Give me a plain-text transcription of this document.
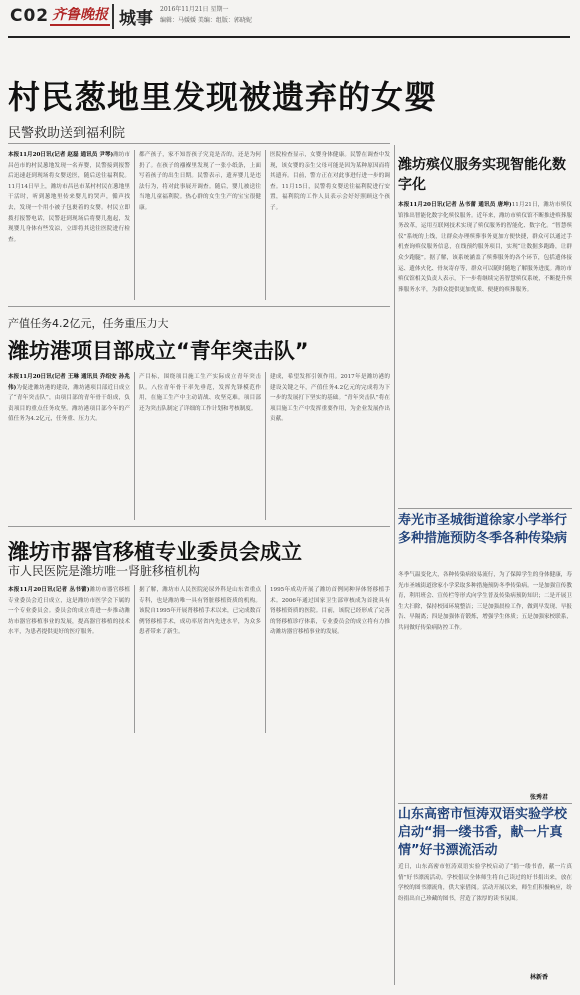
C02 齐鲁晚报 城事 2016年11月21日 星期一
编辑：马媛媛 美编：组版：郭晓妮
村民葱地里发现被遗弃的女婴
民警救助送到福利院
本报11月20日讯(记者 赵磊 通讯员 尹琴)潍坊市昌邑市的村民葱地发现一名弃婴，民警接到报警后迅速赶到现场将女婴送医，随后送往福利院。11月14日早上，潍坊市昌邑市某村村民在葱地里干活时，听到葱地里传来婴儿的哭声，循声找去，发现一个用小被子包裹着的女婴。村民立即拨打报警电话，民警赶到现场后将婴儿抱起，发现婴儿身体有些发凉，立即将其送往医院进行检查。
都产孩子，家不知晋孩子究竟是否的，还是为何扔了。在孩子的襁褓里发现了一张小纸条，上面写着孩子的出生日期。民警表示，遗弃婴儿是违法行为，将对此事展开调查。随后，婴儿被送往当地儿童福利院。热心群的女生生产的宝宝很健康。
医院检查显示，女婴身体健康。民警在调查中发现，该女婴的亲生父母可能是因为某种原因而将其遗弃。目前，警方正在对此事进行进一步的调查。11月15日，民警将女婴送往福利院进行安置，福利院的工作人员表示会好好照顾这个孩子。
产值任务4.2亿元，任务重压力大
潍坊港项目部成立“青年突击队”
本报11月20日讯(记者 王琳 通讯员 乔绍安 孙兆伟)为促进潍坊港的建设，潍坊港项目部近日成立了“青年突击队”，由项目部的青年骨干组成，负责项目的重点任务攻坚。潍坊港项目部今年的产值任务为4.2亿元，任务重、压力大。
产目标，围绕项目施工生产实际成立青年突击队。八位青年骨干率先垂范，发挥先锋模范作用，在施工生产中主动请战、攻坚克难。项目部还为突击队制定了详细的工作计划和考核制度。
建成，希望发挥引领作用。2017年是潍坊港的建设关键之年，产值任务4.2亿元的完成将为下一步的发展打下坚实的基础。“青年突击队”将在项目施工生产中发挥重要作用，为企业发展作出贡献。
潍坊市器官移植专业委员会成立
市人民医院是潍坊唯一肾脏移植机构
本报11月20日讯(记者 丛书蕾)潍坊市器官移植专业委员会近日成立，这是潍坊市医学会下属的一个专业委员会。委员会的成立将进一步推动潍坊市器官移植事业的发展，提高器官移植的技术水平，为患者提供更好的医疗服务。
据了解，潍坊市人民医院泌尿外科是山东省重点专科，也是潍坊唯一具有肾脏移植资质的机构。该院自1995年开展肾移植手术以来，已完成数百例肾移植手术，成功率居省内先进水平，为众多患者带来了新生。
1995年成功开展了潍坊首例同种异体肾移植手术。2006年通过国家卫生部审核成为首批具有肾移植资质的医院。目前，该院已经形成了完善的肾移植诊疗体系，专业委员会的成立将有力推动潍坊器官移植事业的发展。
潍坊殡仪服务实现智能化数字化
本报11月20日讯(记者 丛书蕾 通讯员 唐坤)11月21日，潍坊市殡仪馆推出智能化数字化殡仪服务。近年来，潍坊市殡仪馆不断推进殡葬服务改革，运用互联网技术实现了殡仪服务的智能化、数字化。“智慧殡仪”系统的上线，让群众办理殡葬事务更加方便快捷，群众可以通过手机查询殡仪服务信息，在线预约服务项目，实现“让数据多跑路，让群众少跑腿”。据了解，该系统涵盖了殡葬服务的各个环节，包括遗体接运、遗体火化、骨灰寄存等，群众可以随时随地了解服务进度。潍坊市殡仪馆相关负责人表示，下一步将继续完善智慧殡仪系统，不断提升殡葬服务水平，为群众提供更加优质、便捷的殡葬服务。
寿光市圣城街道徐家小学举行多种措施预防冬季各种传染病
冬季气温变化大，各种传染病较易流行，为了保障学生的身体健康，寿光市圣城街道徐家小学采取多种措施预防冬季传染病。一是加强宣传教育，利用班会、宣传栏等形式向学生普及传染病预防知识；二是开展卫生大扫除，保持校园环境整洁；三是加强晨检工作，做到早发现、早报告、早隔离；四是加强体育锻炼，增强学生体质；五是加强家校联系，共同做好传染病防控工作。
张秀君
山东高密市恒涛双语实验学校启动“捐一缕书香，献一片真情”好书漂流活动
近日，山东高密市恒涛双语实验学校启动了“捐一缕书香，献一片真情”好书漂流活动。学校倡议全体师生将自己读过的好书捐出来，放在学校的图书漂流角，供大家借阅。活动开展以来，师生们积极响应，纷纷捐出自己珍藏的图书，营造了浓厚的读书氛围。
林新香
